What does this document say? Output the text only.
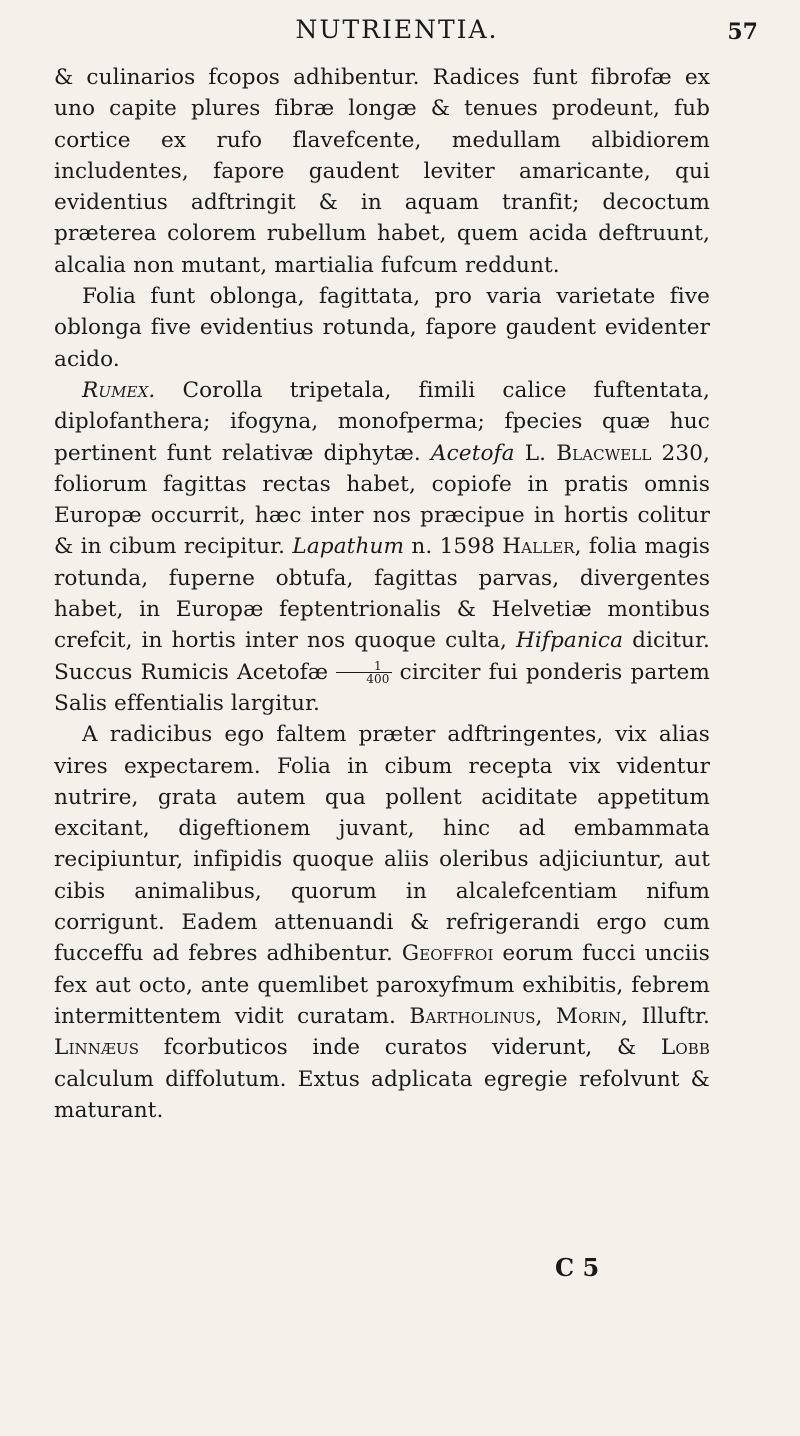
NUTRIENTIA.	57

& culinarios fcopos adhibentur. Radices funt fibrofæ ex uno capite plures fibræ longæ & tenues prodeunt, fub cortice ex rufo flavefcente, medullam albidiorem includentes, fapore gaudent leviter amaricante, qui evidentius adftringit & in aquam tranfit; decoctum præterea colorem rubellum habet, quem acida deftruunt, alcalia non mutant, martialia fufcum reddunt.

Folia funt oblonga, fagittata, pro varia varietate five oblonga five evidentius rotunda, fapore gaudent evidenter acido.

Rumex. Corolla tripetala, fimili calice fuftentata, diplofanthera; ifogyna, monofperma; fpecies quæ huc pertinent funt relativæ diphytæ. Acetofa L. Blacwell 230, foliorum fagittas rectas habet, copiofe in pratis omnis Europæ occurrit, hæc inter nos præcipue in hortis colitur & in cibum recipitur. Lapathum n. 1598 Haller, folia magis rotunda, fuperne obtufa, fagittas parvas, divergentes habet, in Europæ feptentrionalis & Helvetiæ montibus crefcit, in hortis inter nos quoque culta, Hifpanica dicitur. Succus Rumicis Acetofæ $\frac{1}{400}$ circiter fui ponderis partem Salis effentialis largitur.

A radicibus ego faltem præter adftringentes, vix alias vires expectarem. Folia in cibum recepta vix videntur nutrire, grata autem qua pollent aciditate appetitum excitant, digeftionem juvant, hinc ad embammata recipiuntur, infipidis quoque aliis oleribus adjiciuntur, aut cibis animalibus, quorum in alcalefcentiam nifum corrigunt. Eadem attenuandi & refrigerandi ergo cum fucceffu ad febres adhibentur. Geoffroi eorum fucci unciis fex aut octo, ante quemlibet paroxyfmum exhibitis, febrem intermittentem vidit curatam. Bartholinus, Morin, Illuftr. Linnæus fcorbuticos inde curatos viderunt, & Lobb calculum diffolutum. Extus adplicata egregie refolvunt & maturant.

C 5
